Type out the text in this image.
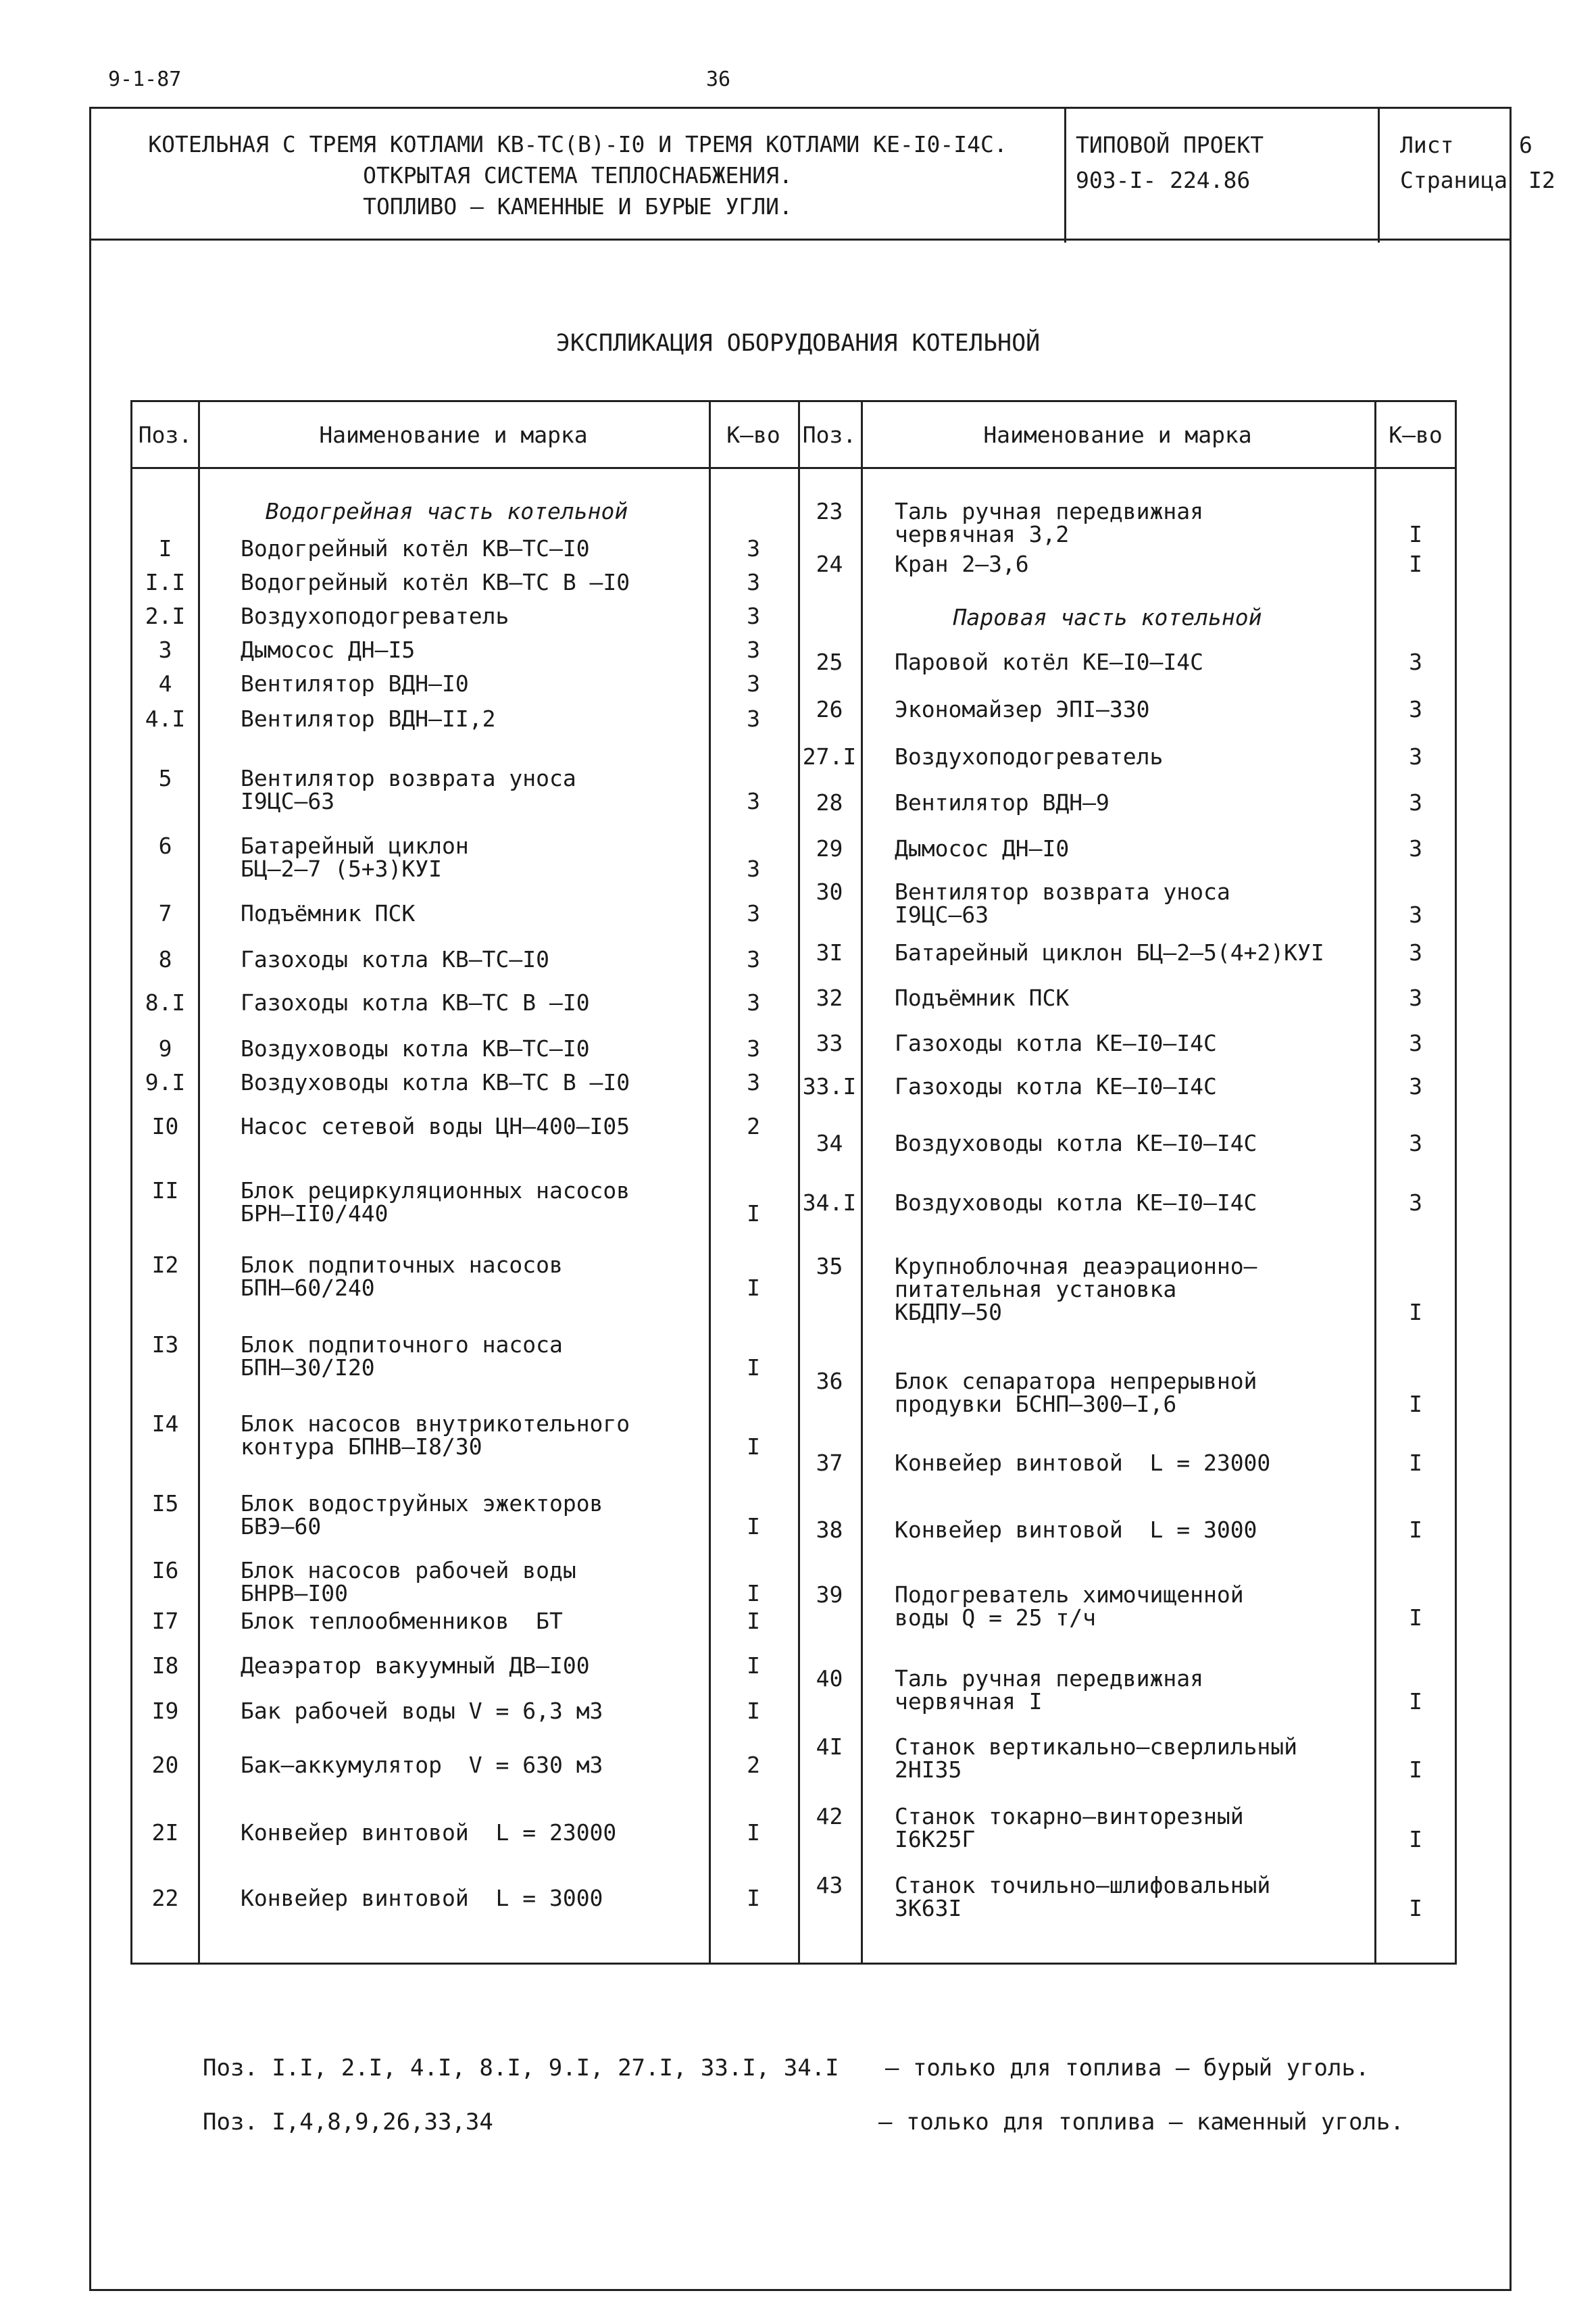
9-1-87	36
КОТЕЛЬНАЯ С ТРЕМЯ КОТЛАМИ КВ-ТС(В)-I0 И ТРЕМЯ КОТЛАМИ КЕ-I0-I4С.
ОТКРЫТАЯ СИСТЕМА ТЕПЛОСНАБЖЕНИЯ.
ТОПЛИВО – КАМЕННЫЕ И БУРЫЕ УГЛИ.
ТИПОВОЙ ПРОЕКТ
903-I- 224.86
Лист	6
Страница I2
ЭКСПЛИКАЦИЯ ОБОРУДОВАНИЯ КОТЕЛЬНОЙ
Поз.	Наименование и марка	К–во	Поз.	Наименование и марка	К–во
Водогрейная часть котельной
I	Водогрейный котёл КВ–ТС–I0	3
I.I	Водогрейный котёл КВ–ТС В –I0	3
2.I	Воздухоподогреватель	3
3	Дымосос ДН–I5	3
4	Вентилятор ВДН–I0	3
4.I	Вентилятор ВДН–II,2	3
5	Вентилятор возврата уноса
I9ЦС–63	3
6	Батарейный циклон
БЦ–2–7 (5+3)КУI	3
7	Подъёмник ПСК	3
8	Газоходы котла КВ–ТС–I0	3
8.I	Газоходы котла КВ–ТС В –I0	3
9	Воздуховоды котла КВ–ТС–I0	3
9.I	Воздуховоды котла КВ–ТС В –I0	3
I0	Насос сетевой воды ЦН–400–I05	2
II	Блок рециркуляционных насосов
БРН–II0/440	I
I2	Блок подпиточных насосов
БПН–60/240	I
I3	Блок подпиточного насоса
БПН–30/I20	I
I4	Блок насосов внутрикотельного
контура БПНВ–I8/30	I
I5	Блок водоструйных эжекторов
БВЭ–60	I
I6	Блок насосов рабочей воды
БНРВ–I00	I
I7	Блок теплообменников  БТ	I
I8	Деаэратор вакуумный ДВ–I00	I
I9	Бак рабочей воды V = 6,3 м3	I
20	Бак–аккумулятор  V = 630 м3	2
2I	Конвейер винтовой  L = 23000	I
22	Конвейер винтовой  L = 3000	I
23	Таль ручная передвижная
червячная 3,2	I
24	Кран 2–3,6	I
Паровая часть котельной
25	Паровой котёл КЕ–I0–I4С	3
26	Экономайзер ЭПI–330	3
27.I Воздухоподогреватель	3
28	Вентилятор ВДН–9	3
29	Дымосос ДН–I0	3
30	Вентилятор возврата уноса
I9ЦС–63	3
3I	Батарейный циклон БЦ–2–5(4+2)КУI	3
32	Подъёмник ПСК	3
33	Газоходы котла КЕ–I0–I4С	3
33.I Газоходы котла КЕ–I0–I4С	3
34	Воздуховоды котла КЕ–I0–I4С	3
34.I Воздуховоды котла КЕ–I0–I4С	3
35	Крупноблочная деаэрационно–
питательная установка
КБДПУ–50	I
36	Блок сепаратора непрерывной
продувки БСНП–300–I,6	I
37	Конвейер винтовой  L = 23000	I
38	Конвейер винтовой  L = 3000	I
39	Подогреватель химочищенной
воды Q = 25 т/ч	I
40	Таль ручная передвижная
червячная I	I
4I	Станок вертикально–сверлильный
2НI35	I
42	Станок токарно–винторезный
I6К25Г	I
43	Станок точильно–шлифовальный
3К63I	I
Поз. I.I, 2.I, 4.I, 8.I, 9.I, 27.I, 33.I, 34.I – только для топлива – бурый уголь.
Поз. I,4,8,9,26,33,34	– только для топлива – каменный уголь.
